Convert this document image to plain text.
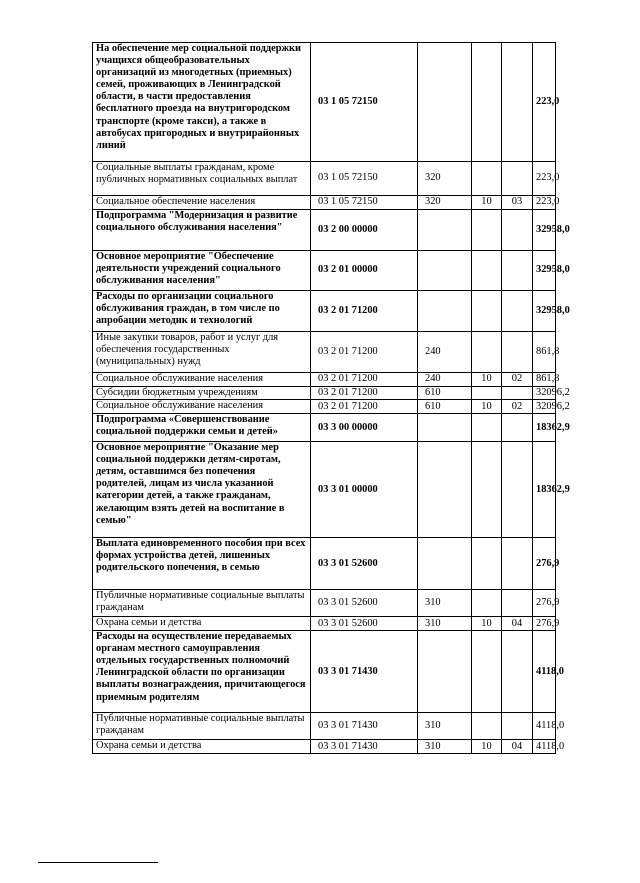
На обеспечение мер социальной поддержки учащихся общеобразовательных организаций из многодетных (приемных) семей, проживающих в Ленинградской области, в части предоставления бесплатного проезда на внутригородском транспорте (кроме такси), а также в автобусах пригородных и внутрирайонных линий	03 1 05 72150				223,0
Социальные выплаты гражданам, кроме публичных нормативных социальных выплат	03 1 05 72150	320			223,0
Социальное обеспечение населения	03 1 05 72150	320	10	03	223,0
Подпрограмма "Модернизация и развитие социального обслуживания населения"	03 2 00 00000				32958,0
Основное мероприятие "Обеспечение деятельности учреждений социального обслуживания населения"	03 2 01 00000				32958,0
Расходы по организации социального обслуживания граждан, в том числе по апробации методик и технологий	03 2 01 71200				32958,0
Иные закупки товаров, работ и услуг для обеспечения государственных (муниципальных) нужд	03 2 01 71200	240			861,8
Социальное обслуживание населения	03 2 01 71200	240	10	02	861,8
Субсидии бюджетным учреждениям	03 2 01 71200	610			32096,2
Социальное обслуживание населения	03 2 01 71200	610	10	02	32096,2
Подпрограмма «Совершенствование социальной поддержки семьи и детей»	03 3 00 00000				18362,9
Основное мероприятие "Оказание мер социальной поддержки детям-сиротам, детям, оставшимся без попечения родителей, лицам из числа указанной категории детей, а также гражданам, желающим взять детей на воспитание в семью"	03 3 01 00000				18362,9
Выплата единовременного пособия при всех формах устройства детей, лишенных родительского попечения, в семью	03 3 01 52600				276,9
Публичные нормативные социальные выплаты гражданам	03 3 01 52600	310			276,9
Охрана семьи и детства	03 3 01 52600	310	10	04	276,9
Расходы на осуществление передаваемых органам местного самоуправления отдельных государственных полномочий Ленинградской области по организации выплаты вознаграждения, причитающегося приемным родителям	03 3 01 71430				4118,0
Публичные нормативные социальные выплаты гражданам	03 3 01 71430	310			4118,0
Охрана семьи и детства	03 3 01 71430	310	10	04	4118,0
